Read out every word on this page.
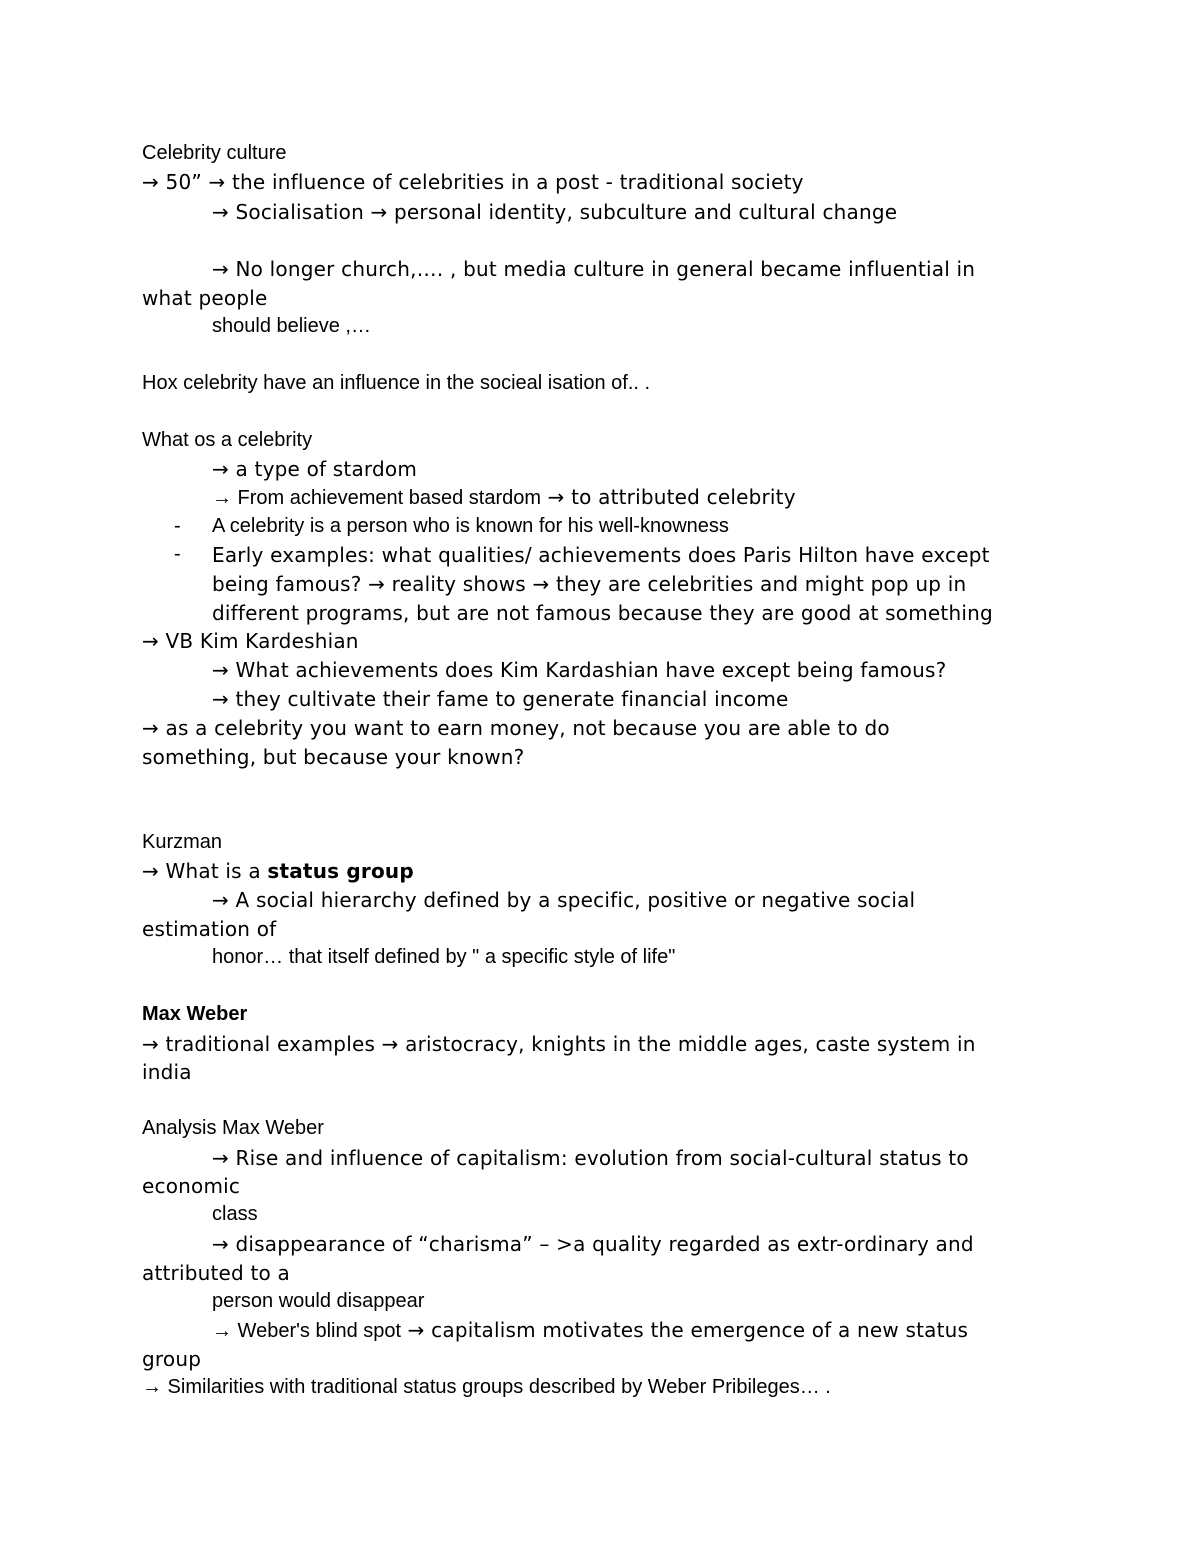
Celebrity culture
→ 50” → the influence of celebrities in a post - traditional society
→ Socialisation → personal identity, subculture and cultural change
→ No longer church,…. , but media culture in general became influential in
what people
should believe ,…
Hox celebrity have an influence in the socieal isation of.. .
What os a celebrity
→ a type of stardom
→ From achievement based stardom → to attributed celebrity
- A celebrity is a person who is known for his well-knowness
- Early examples: what qualities/ achievements does Paris Hilton have except
being famous? → reality shows → they are celebrities and might pop up in
different programs, but are not famous because they are good at something
→ VB Kim Kardeshian
→ What achievements does Kim Kardashian have except being famous?
→ they cultivate their fame to generate financial income
→ as a celebrity you want to earn money, not because you are able to do
something, but because your known?
Kurzman
→ What is a status group
→ A social hierarchy defined by a specific, positive or negative social
estimation of
honor… that itself defined by " a specific style of life"
Max Weber
→ traditional examples → aristocracy, knights in the middle ages, caste system in
india
Analysis Max Weber
→ Rise and influence of capitalism: evolution from social-cultural status to
economic
class
→ disappearance of “charisma” – >a quality regarded as extr-ordinary and
attributed to a
person would disappear
→ Weber's blind spot → capitalism motivates the emergence of a new status
group
→ Similarities with traditional status groups described by Weber Pribileges… .
